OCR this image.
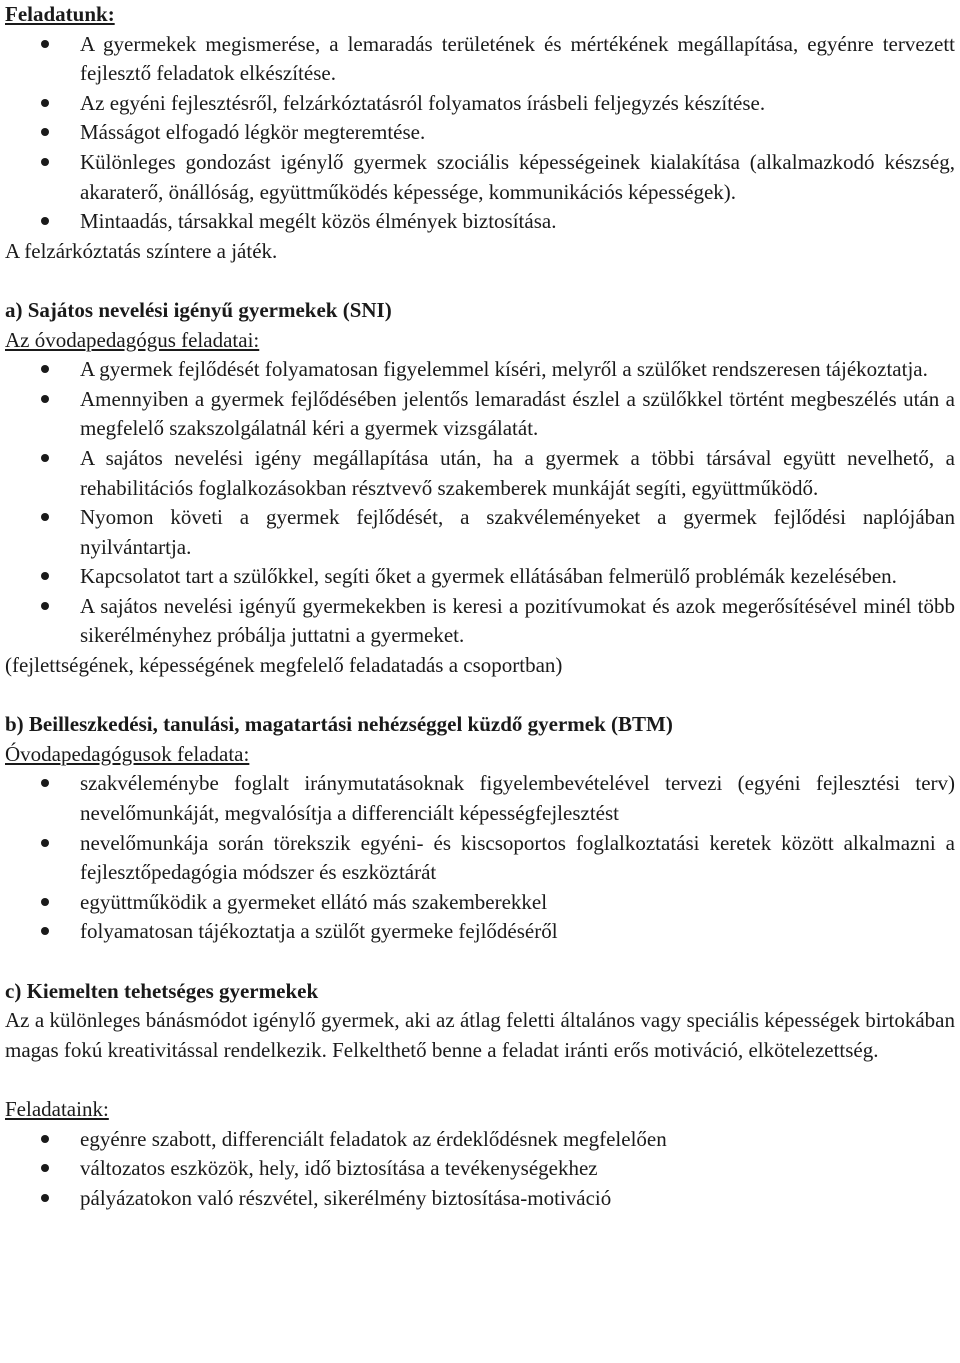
Feladatunk:

A gyermekek megismerése, a lemaradás területének és mértékének megállapítása, egyénre tervezett fejlesztő feladatok elkészítése.
Az egyéni fejlesztésről, felzárkóztatásról folyamatos írásbeli feljegyzés készítése.
Másságot elfogadó légkör megteremtése.
Különleges gondozást igénylő gyermek szociális képességeinek kialakítása (alkalmazkodó készség, akaraterő, önállóság, együttműködés képessége, kommunikációs képességek).
Mintaadás, társakkal megélt közös élmények biztosítása.

A felzárkóztatás színtere a játék.

a) Sajátos nevelési igényű gyermekek (SNI)

Az óvodapedagógus feladatai:

A gyermek fejlődését folyamatosan figyelemmel kíséri, melyről a szülőket rendszeresen tájékoztatja.
Amennyiben a gyermek fejlődésében jelentős lemaradást észlel a szülőkkel történt megbeszélés után a megfelelő szakszolgálatnál kéri a gyermek vizsgálatát.
A sajátos nevelési igény megállapítása után, ha a gyermek a többi társával együtt nevelhető, a rehabilitációs foglalkozásokban résztvevő szakemberek munkáját segíti, együttműködő.
Nyomon követi a gyermek fejlődését, a szakvéleményeket a gyermek fejlődési naplójában nyilvántartja.
Kapcsolatot tart a szülőkkel, segíti őket a gyermek ellátásában felmerülő problémák kezelésében.
A sajátos nevelési igényű gyermekekben is keresi a pozitívumokat és azok megerősítésével minél több sikerélményhez próbálja juttatni a gyermeket.

(fejlettségének, képességének megfelelő feladatadás a csoportban)

b) Beilleszkedési, tanulási, magatartási nehézséggel küzdő gyermek (BTM)

Óvodapedagógusok feladata:

szakvéleménybe foglalt iránymutatásoknak figyelembevételével tervezi (egyéni fejlesztési terv) nevelőmunkáját, megvalósítja a differenciált képességfejlesztést
nevelőmunkája során törekszik egyéni- és kiscsoportos foglalkoztatási keretek között alkalmazni a fejlesztőpedagógia módszer és eszköztárát
együttműködik a gyermeket ellátó más szakemberekkel
folyamatosan tájékoztatja a szülőt gyermeke fejlődéséről

c) Kiemelten tehetséges gyermekek

Az a különleges bánásmódot igénylő gyermek, aki az átlag feletti általános vagy speciális képességek birtokában magas fokú kreativitással rendelkezik. Felkelthető benne a feladat iránti erős motiváció, elkötelezettség.

Feladataink:

egyénre szabott, differenciált feladatok az érdeklődésnek megfelelően
változatos eszközök, hely, idő biztosítása a tevékenységekhez
pályázatokon való részvétel, sikerélmény biztosítása-motiváció
